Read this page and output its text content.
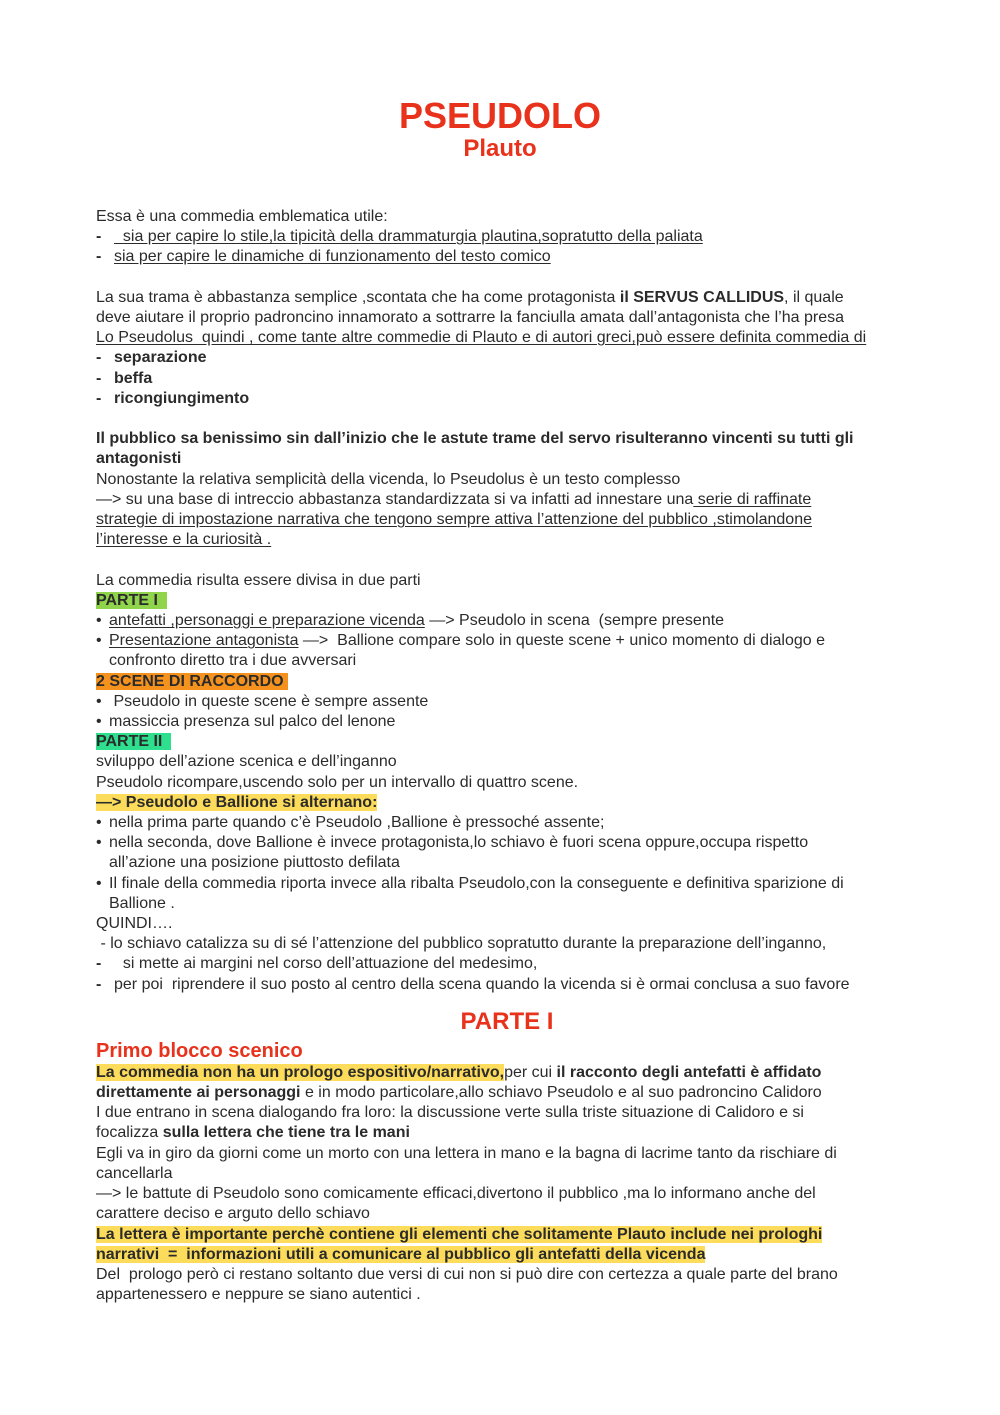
PSEUDOLO
Plauto
Essa è una commedia emblematica utile:
-  sia per capire lo stile,la tipicità della drammaturgia plautina,sopratutto della paliata
- sia per capire le dinamiche di funzionamento del testo comico
La sua trama è abbastanza semplice ,scontata che ha come protagonista il SERVUS CALLIDUS, il quale
deve aiutare il proprio padroncino innamorato a sottrarre la fanciulla amata dall’antagonista che l’ha presa
Lo Pseudolus  quindi , come tante altre commedie di Plauto e di autori greci,può essere definita commedia di
- separazione
- beffa
- ricongiungimento
Il pubblico sa benissimo sin dall’inizio che le astute trame del servo risulteranno vincenti su tutti gli
antagonisti
Nonostante la relativa semplicità della vicenda, lo Pseudolus è un testo complesso
—> su una base di intreccio abbastanza standardizzata si va infatti ad innestare una serie di raffinate
strategie di impostazione narrativa che tengono sempre attiva l’attenzione del pubblico ,stimolandone
l’interesse e la curiosità .
La commedia risulta essere divisa in due parti
PARTE I
• antefatti ,personaggi e preparazione vicenda —> Pseudolo in scena  (sempre presente
• Presentazione antagonista —>  Ballione compare solo in queste scene + unico momento di dialogo e
confronto diretto tra i due avversari
2 SCENE DI RACCORDO
• Pseudolo in queste scene è sempre assente
• massiccia presenza sul palco del lenone
PARTE II
sviluppo dell’azione scenica e dell’inganno
Pseudolo ricompare,uscendo solo per un intervallo di quattro scene.
—> Pseudolo e Ballione si alternano:
• nella prima parte quando c’è Pseudolo ,Ballione è pressoché assente;
• nella seconda, dove Ballione è invece protagonista,lo schiavo è fuori scena oppure,occupa rispetto
all’azione una posizione piuttosto defilata
• Il finale della commedia riporta invece alla ribalta Pseudolo,con la conseguente e definitiva sparizione di
Ballione .
QUINDI….
- lo schiavo catalizza su di sé l’attenzione del pubblico sopratutto durante la preparazione dell’inganno,
-  si mette ai margini nel corso dell’attuazione del medesimo,
- per poi  riprendere il suo posto al centro della scena quando la vicenda si è ormai conclusa a suo favore
PARTE I
Primo blocco scenico
La commedia non ha un prologo espositivo/narrativo,per cui il racconto degli antefatti è affidato
direttamente ai personaggi e in modo particolare,allo schiavo Pseudolo e al suo padroncino Calidoro
I due entrano in scena dialogando fra loro: la discussione verte sulla triste situazione di Calidoro e si
focalizza sulla lettera che tiene tra le mani
Egli va in giro da giorni come un morto con una lettera in mano e la bagna di lacrime tanto da rischiare di
cancellarla
—> le battute di Pseudolo sono comicamente efficaci,divertono il pubblico ,ma lo informano anche del
carattere deciso e arguto dello schiavo
La lettera è importante perchè contiene gli elementi che solitamente Plauto include nei prologhi
narrativi  =  informazioni utili a comunicare al pubblico gli antefatti della vicenda
Del  prologo però ci restano soltanto due versi di cui non si può dire con certezza a quale parte del brano
appartenessero e neppure se siano autentici .
